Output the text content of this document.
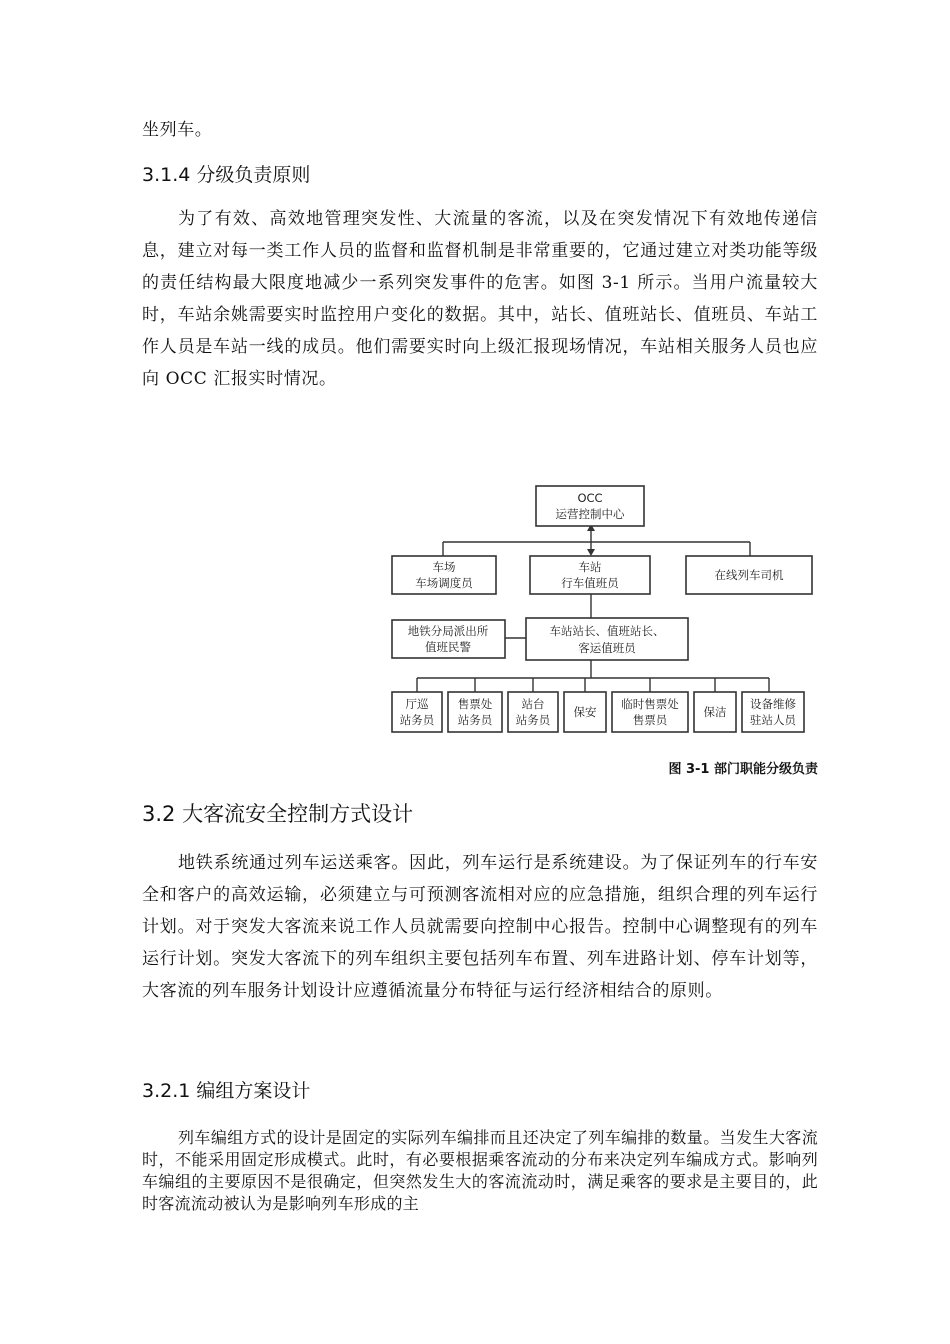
坐列车。

3.1.4 分级负责原则

为了有效、高效地管理突发性、大流量的客流，以及在突发情况下有效地传递信息，建立对每一类工作人员的监督和监督机制是非常重要的，它通过建立对类功能等级的责任结构最大限度地减少一系列突发事件的危害。如图 3-1 所示。当用户流量较大时，车站余姚需要实时监控用户变化的数据。其中，站长、值班站长、值班员、车站工作人员是车站一线的成员。他们需要实时向上级汇报现场情况，车站相关服务人员也应向 OCC 汇报实时情况。

OCC
运营控制中心
车场
车场调度员
车站
行车值班员
在线列车司机
地铁分局派出所
值班民警
车站站长、值班站长、
客运值班员
厅巡
站务员
售票处
站务员
站台
站务员
保安
临时售票处
售票员
保洁
设备维修
驻站人员
图 3-1 部门职能分级负责
3.2 大客流安全控制方式设计

地铁系统通过列车运送乘客。因此，列车运行是系统建设。为了保证列车的行车安全和客户的高效运输，必须建立与可预测客流相对应的应急措施，组织合理的列车运行计划。对于突发大客流来说工作人员就需要向控制中心报告。控制中心调整现有的列车运行计划。突发大客流下的列车组织主要包括列车布置、列车进路计划、停车计划等，大客流的列车服务计划设计应遵循流量分布特征与运行经济相结合的原则。

3.2.1 编组方案设计

列车编组方式的设计是固定的实际列车编排而且还决定了列车编排的数量。当发生大客流时，不能采用固定形成模式。此时，有必要根据乘客流动的分布来决定列车编成方式。影响列车编组的主要原因不是很确定，但突然发生大的客流流动时，满足乘客的要求是主要目的，此时客流流动被认为是影响列车形成的主
